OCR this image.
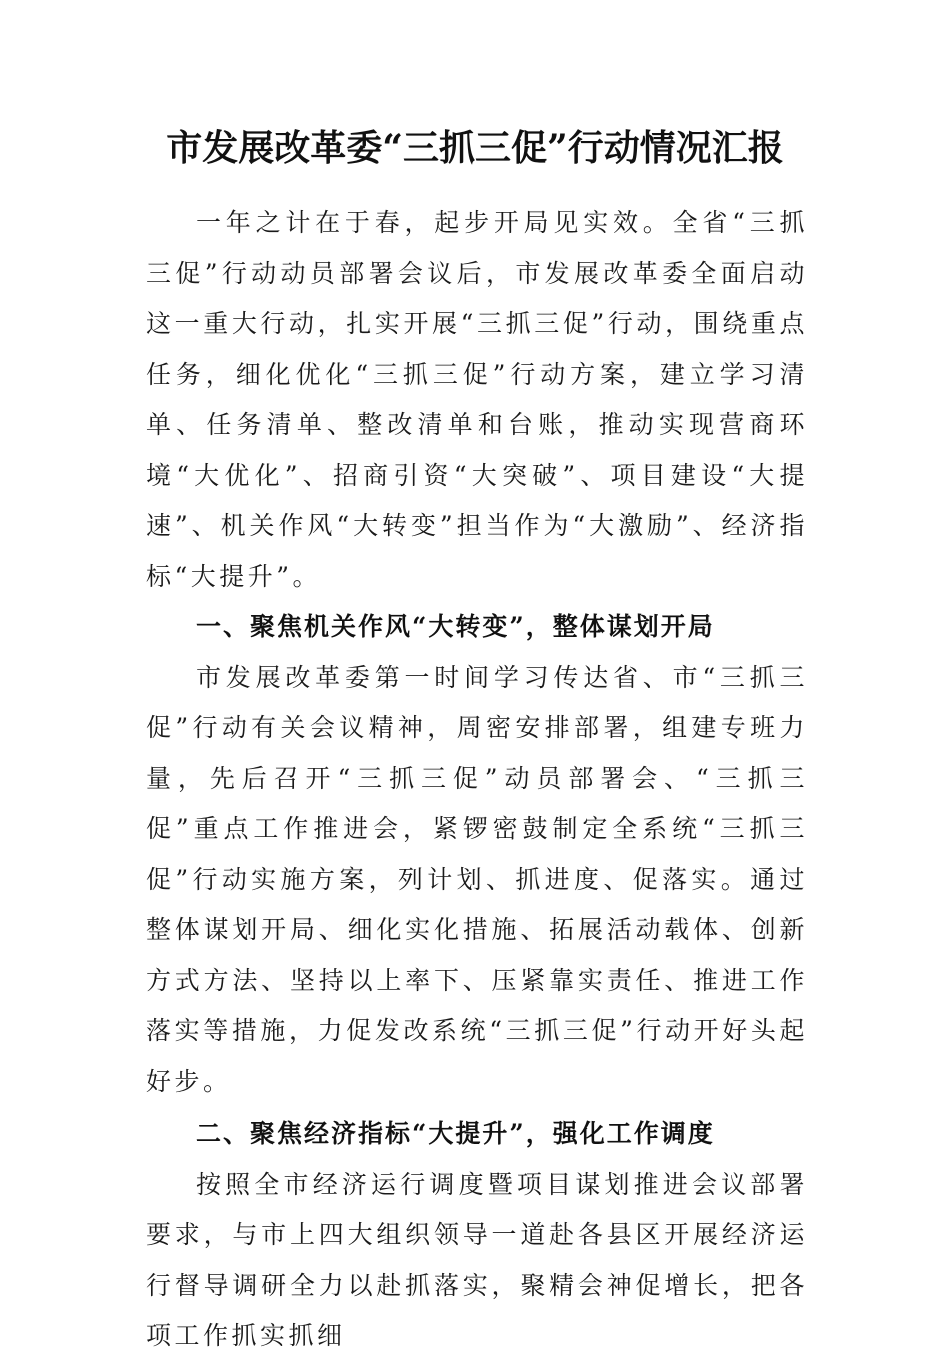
市发展改革委“三抓三促”行动情况汇报

一年之计在于春，起步开局见实效。全省“三抓三促”行动动员部署会议后，市发展改革委全面启动这一重大行动，扎实开展“三抓三促”行动，围绕重点任务，细化优化“三抓三促”行动方案，建立学习清单、任务清单、整改清单和台账，推动实现营商环境“大优化”、招商引资“大突破”、项目建设“大提速”、机关作风“大转变”担当作为“大激励”、经济指标“大提升”。

一、聚焦机关作风“大转变”，整体谋划开局

市发展改革委第一时间学习传达省、市“三抓三促”行动有关会议精神，周密安排部署，组建专班力量，先后召开“三抓三促”动员部署会、“三抓三促”重点工作推进会，紧锣密鼓制定全系统“三抓三促”行动实施方案，列计划、抓进度、促落实。通过整体谋划开局、细化实化措施、拓展活动载体、创新方式方法、坚持以上率下、压紧靠实责任、推进工作落实等措施，力促发改系统“三抓三促”行动开好头起好步。

二、聚焦经济指标“大提升”，强化工作调度

按照全市经济运行调度暨项目谋划推进会议部署要求，与市上四大组织领导一道赴各县区开展经济运行督导调研全力以赴抓落实，聚精会神促增长，把各项工作抓实抓细
